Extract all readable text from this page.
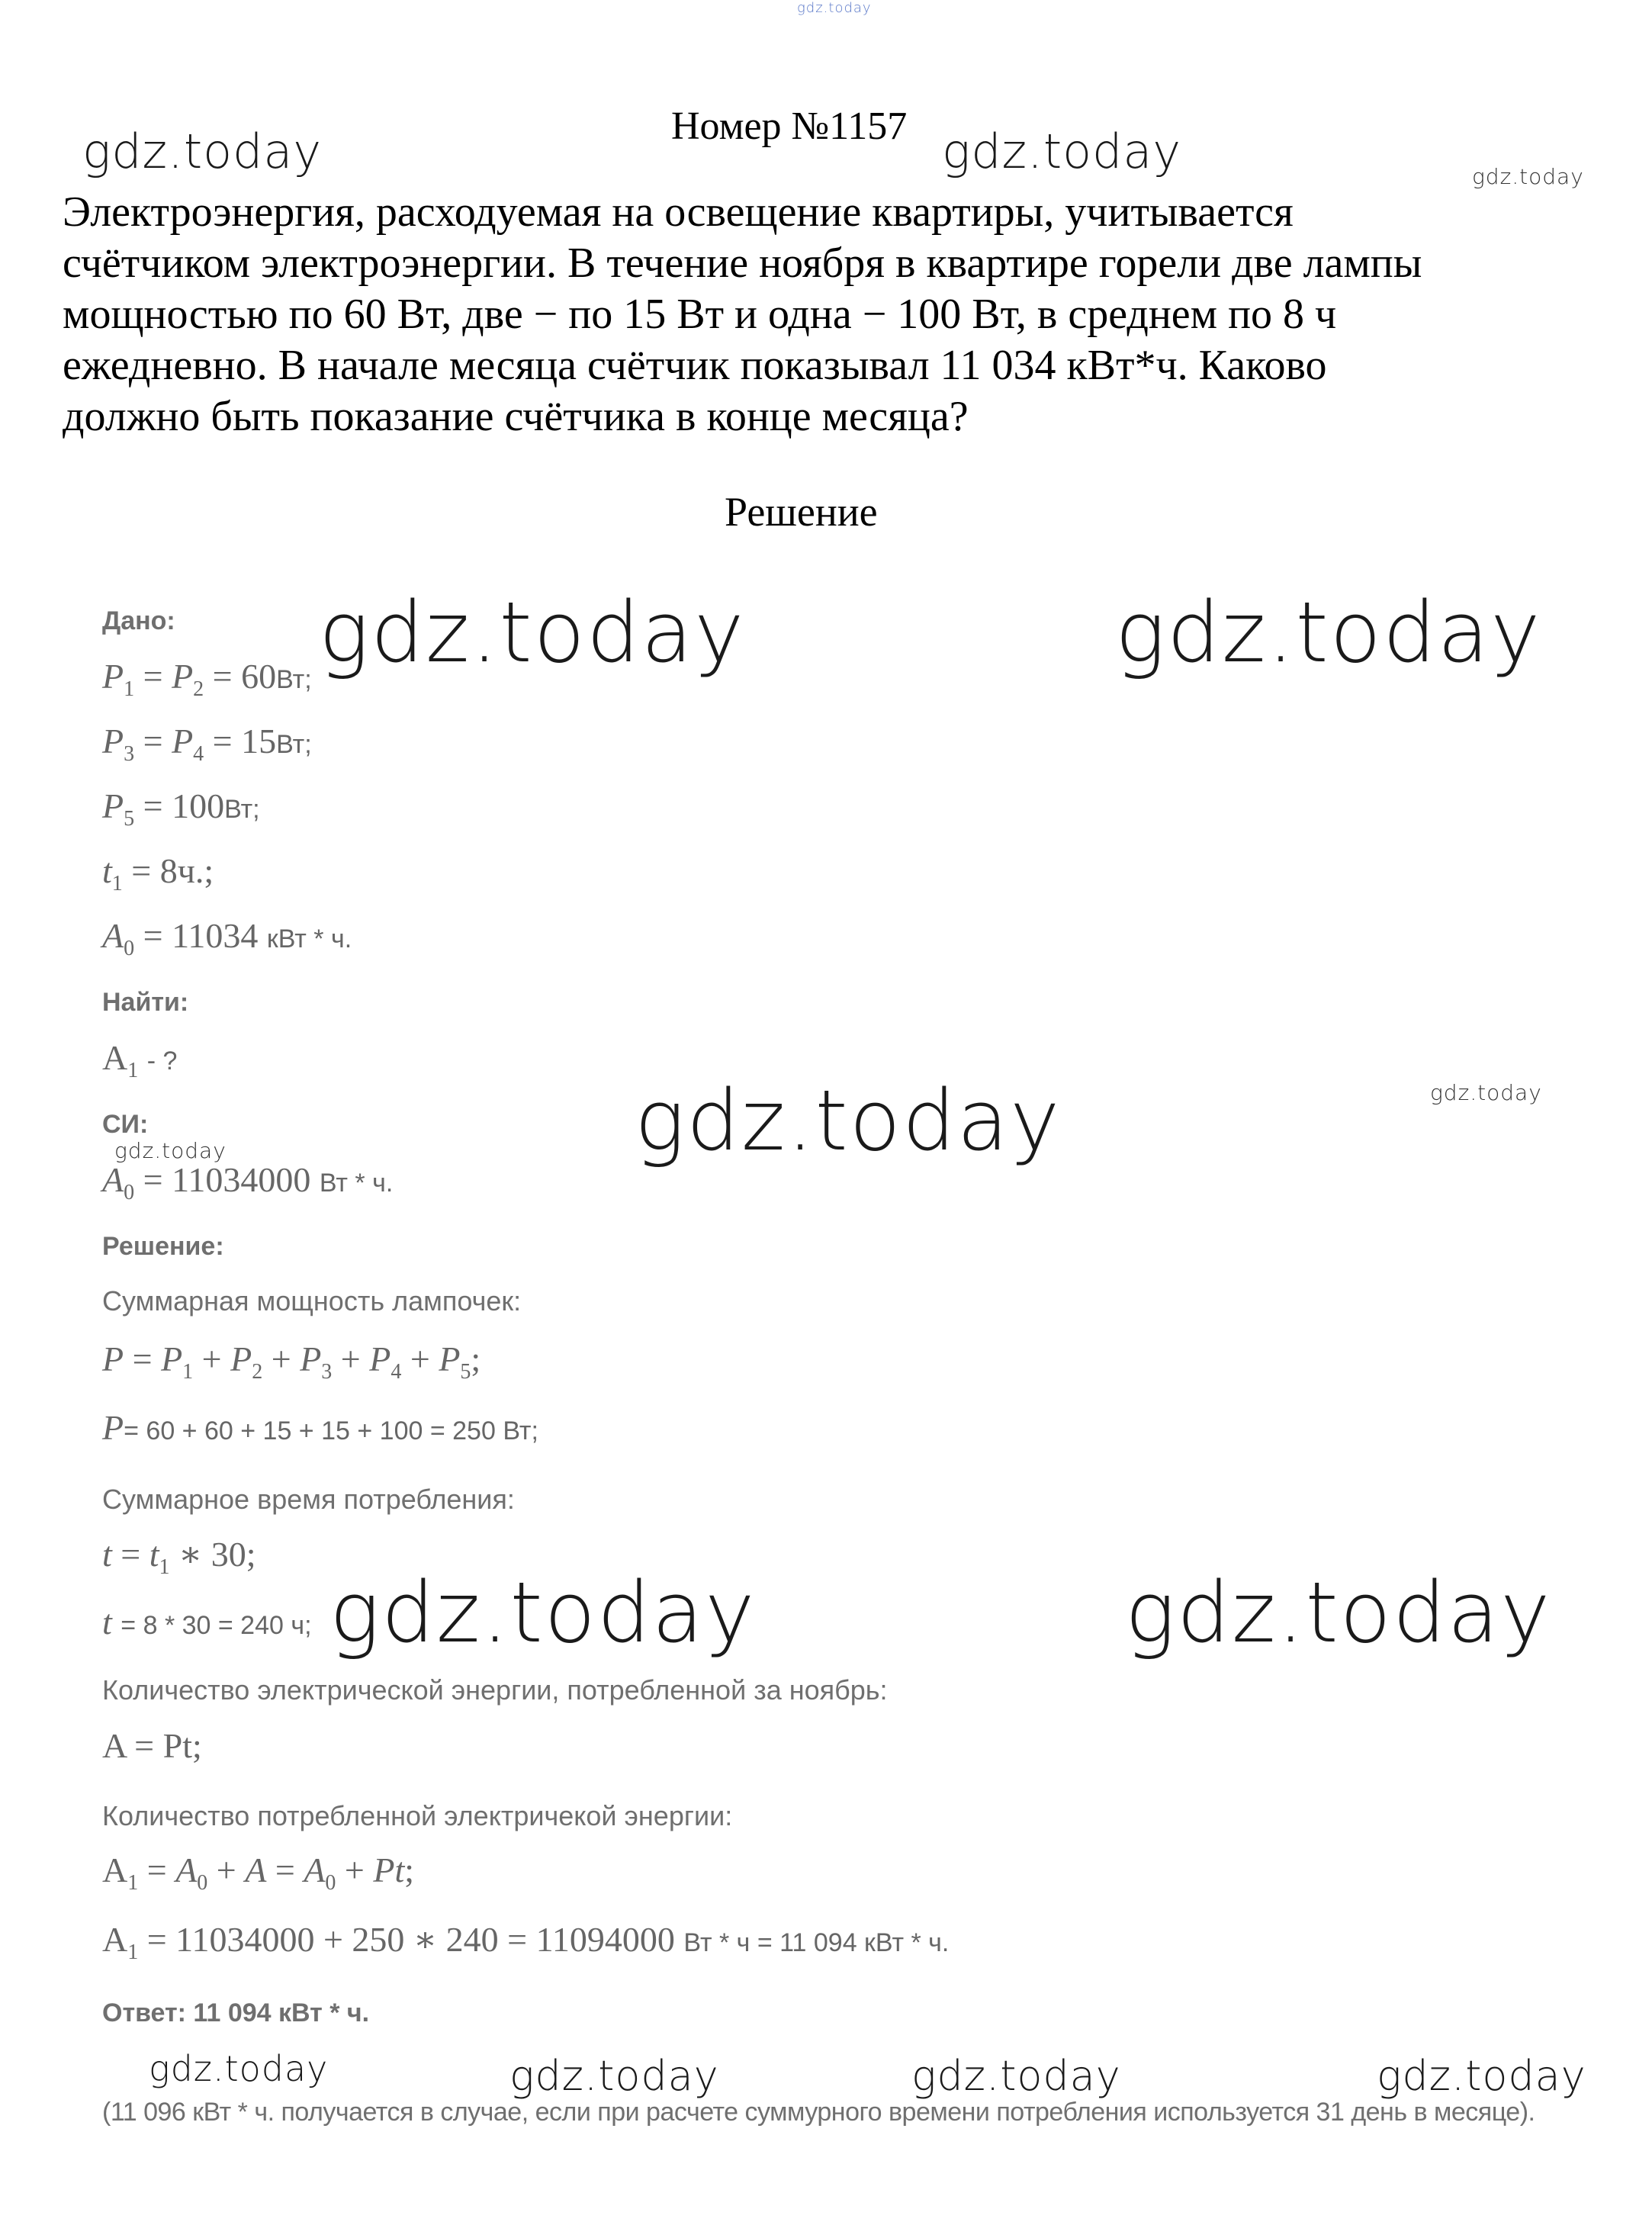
gdz.today
Номер №1157
gdz.today	gdz.today	gdz.today
Электроэнергия, расходуемая на освещение квартиры, учитывается
счётчиком электроэнергии. В течение ноября в квартире горели две лампы
мощностью по 60 Вт, две − по 15 Вт и одна − 100 Вт, в среднем по 8 ч
ежедневно. В начале месяца счётчик показывал 11 034 кВт*ч. Каково
должно быть показание счётчика в конце месяца?
Решение
gdz.today	gdz.today
gdz.today	gdz.today
gdz.today
gdz.today	gdz.today
Дано:
$P_1 = P_2 = 60Вт$;
$P_3 = P_4 = 15Вт$;
$P_5 = 100Вт$;
$t_1 = 8ч$.;
$A_0 = 11034$ кВт * ч.
Найти:
$A_1$ - ?
СИ:
$A_0 = 11034000$ Вт * ч.
Решение:
Суммарная мощность лампочек:
$P = P_1 + P_2 + P_3 + P_4 + P_5$;
P= 60 + 60 + 15 + 15 + 100 = 250 Вт;
Суммарное время потребления:
$t = t_1$ ∗ 30;
t = 8 * 30 = 240 ч;
Количество электрической энергии, потребленной за ноябрь:
A = Pt;
Количество потребленной электричекой энергии:
$A_1 = A_0 + A = A_0 + Pt$;
$A_1 = 11034000 + 250$ ∗ 240 = 11094000 Вт * ч = 11 094 кВт * ч.
Ответ: 11 094 кВт * ч.
gdz.today	gdz.today	gdz.today	gdz.today
(11 096 кВт * ч. получается в случае, если при расчете суммурного времени потребления используется 31 день в месяце).
